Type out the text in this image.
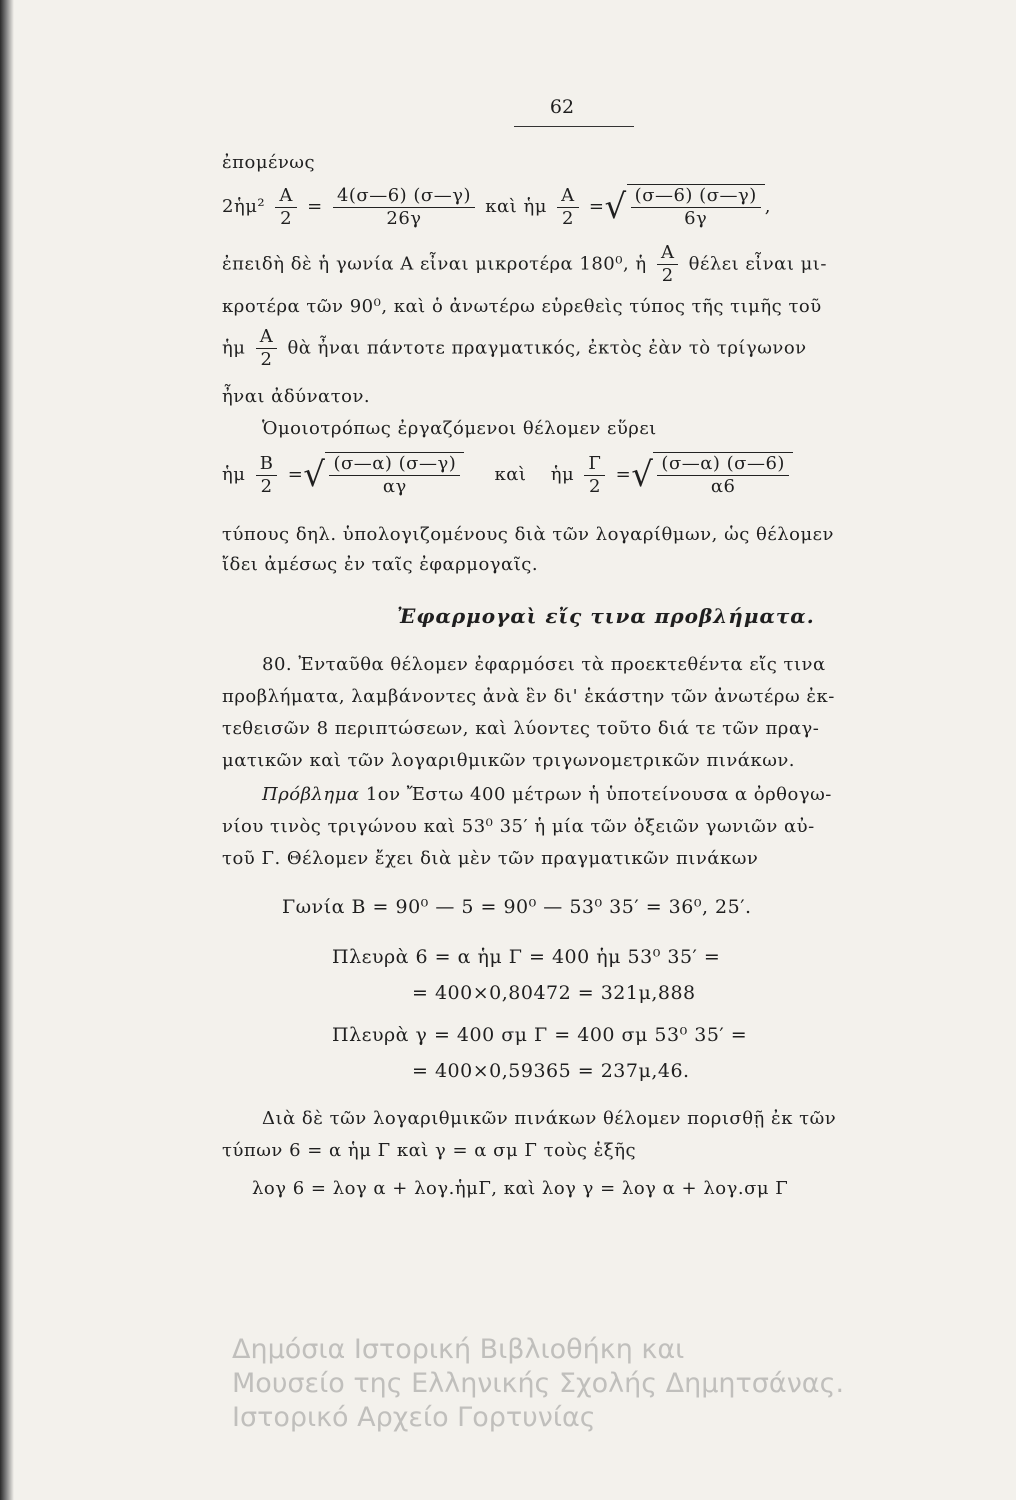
62
ἐπομένως
2ἡμ² $\frac{A}{2} = \frac{4(\sigma—6) (\sigma—\gamma)}{26\gamma}$ καὶ ἡμ $\frac{A}{2}$ =√ $\frac{(\sigma—6) (\sigma—\gamma)}{6\gamma}$ ,
ἐπειδὴ δὲ ἡ γωνία Α εἶναι μικροτέρα 180⁰, ἡ $\frac{A}{2}$ θέλει εἶναι μι-
κροτέρα τῶν 90⁰, καὶ ὁ ἀνωτέρω εὑρεθεὶς τύπος τῆς τιμῆς τοῦ
ἡμ $\frac{A}{2}$ θὰ ἦναι πάντοτε πραγματικός, ἐκτὸς ἐὰν τὸ τρίγωνον
ἦναι ἀδύνατον.
Ὁμοιοτρόπως ἐργαζόμενοι θέλομεν εὕρει
ἡμ $\frac{B}{2}$ =√ $\frac{(\sigma—\alpha) (\sigma—\gamma)}{\alpha\gamma}$ καὶ ἡμ $\frac{\Gamma}{2}$ =√ $\frac{(\sigma—\alpha) (\sigma—6)}{\alpha 6}$
τύπους δηλ. ὑπολογιζομένους διὰ τῶν λογαρίθμων, ὡς θέλομεν
ἴδει ἀμέσως ἐν ταῖς ἐφαρμογαῖς.
Ἐφαρμογαὶ εἴς τινα προβλήματα.
80. Ἐνταῦθα θέλομεν ἐφαρμόσει τὰ προεκτεθέντα εἴς τινα
προβλήματα, λαμβάνοντες ἀνὰ ἓν δι' ἑκάστην τῶν ἀνωτέρω ἐκ-
τεθεισῶν 8 περιπτώσεων, καὶ λύοντες τοῦτο διά τε τῶν πραγ-
ματικῶν καὶ τῶν λογαριθμικῶν τριγωνομετρικῶν πινάκων.
Πρόβλημα 1ον Ἔστω 400 μέτρων ἡ ὑποτείνουσα α ὀρθογω-
νίου τινὸς τριγώνου καὶ 53⁰ 35′ ἡ μία τῶν ὀξειῶν γωνιῶν αὐ-
τοῦ Γ. Θέλομεν ἔχει διὰ μὲν τῶν πραγματικῶν πινάκων
Γωνία Β = 90⁰ — 5 = 90⁰ — 53⁰ 35′ = 36⁰, 25′.
Πλευρὰ 6 = α ἡμ Γ = 400 ἡμ 53⁰ 35′ =
= 400×0,80472 = 321μ,888
Πλευρὰ γ = 400 σμ Γ = 400 σμ 53⁰ 35′ =
= 400×0,59365 = 237μ,46.
Διὰ δὲ τῶν λογαριθμικῶν πινάκων θέλομεν πορισθῇ ἐκ τῶν
τύπων 6 = α ἡμ Γ καὶ γ = α σμ Γ τοὺς ἑξῆς
λογ 6 = λογ α + λογ.ἡμΓ, καὶ λογ γ = λογ α + λογ.σμ Γ
Δημόσια Ιστορική Βιβλιοθήκη και
Μουσείο της Ελληνικής Σχολής Δημητσάνας.
Ιστορικό Αρχείο Γορτυνίας
